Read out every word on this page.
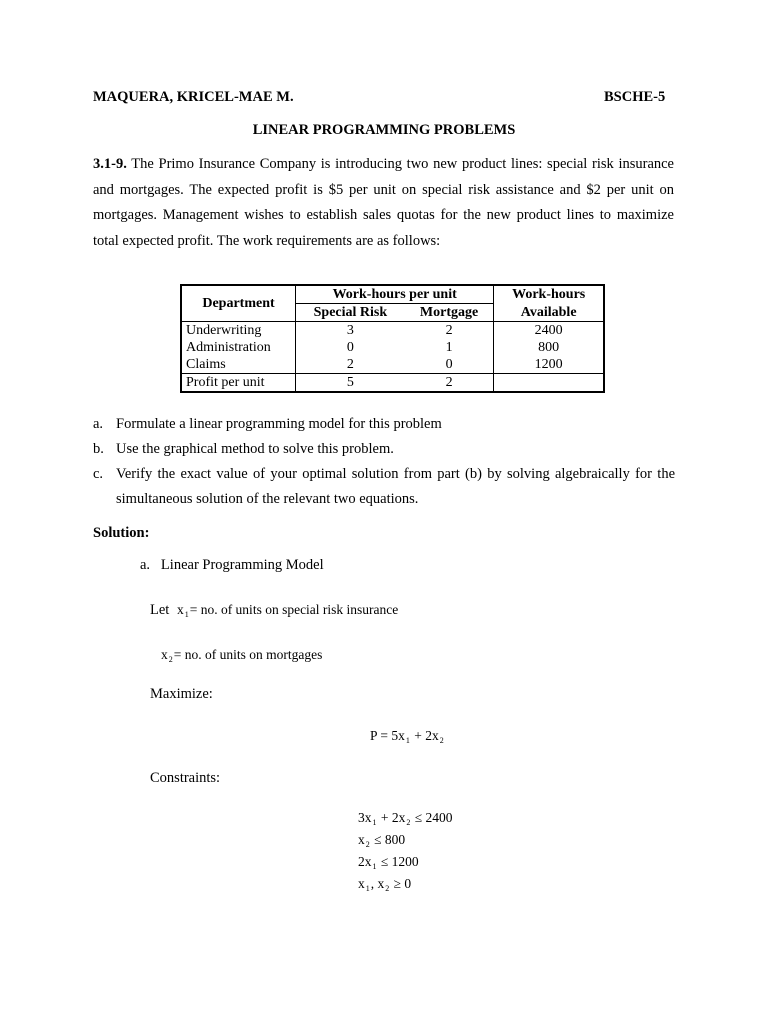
MAQUERA, KRICEL-MAE M.	BSCHE-5
LINEAR PROGRAMMING PROBLEMS
3.1-9. The Primo Insurance Company is introducing two new product lines: special risk insurance and mortgages. The expected profit is $5 per unit on special risk assistance and $2 per unit on mortgages. Management wishes to establish sales quotas for the new product lines to maximize total expected profit. The work requirements are as follows:
Department	Work-hours per unit		Work-hours
	Special Risk	Mortgage	Available
Underwriting	3	2	2400
Administration	0	1	800
Claims	2	0	1200
Profit per unit	5	2	
a. Formulate a linear programming model for this problem
b. Use the graphical method to solve this problem.
c. Verify the exact value of your optimal solution from part (b) by solving algebraically for the simultaneous solution of the relevant two equations.
Solution:
a.   Linear Programming Model
Let $x_1=$ no. of units on special risk insurance
$x_2=$ no. of units on mortgages
Maximize:
$P = 5x_1 + 2x_2$
Constraints:
$3x_1 + 2x_2 \le 2400$
$x_2 \le 800$
$2x_1 \le 1200$
$x_1$, $x_2 \ge 0$
